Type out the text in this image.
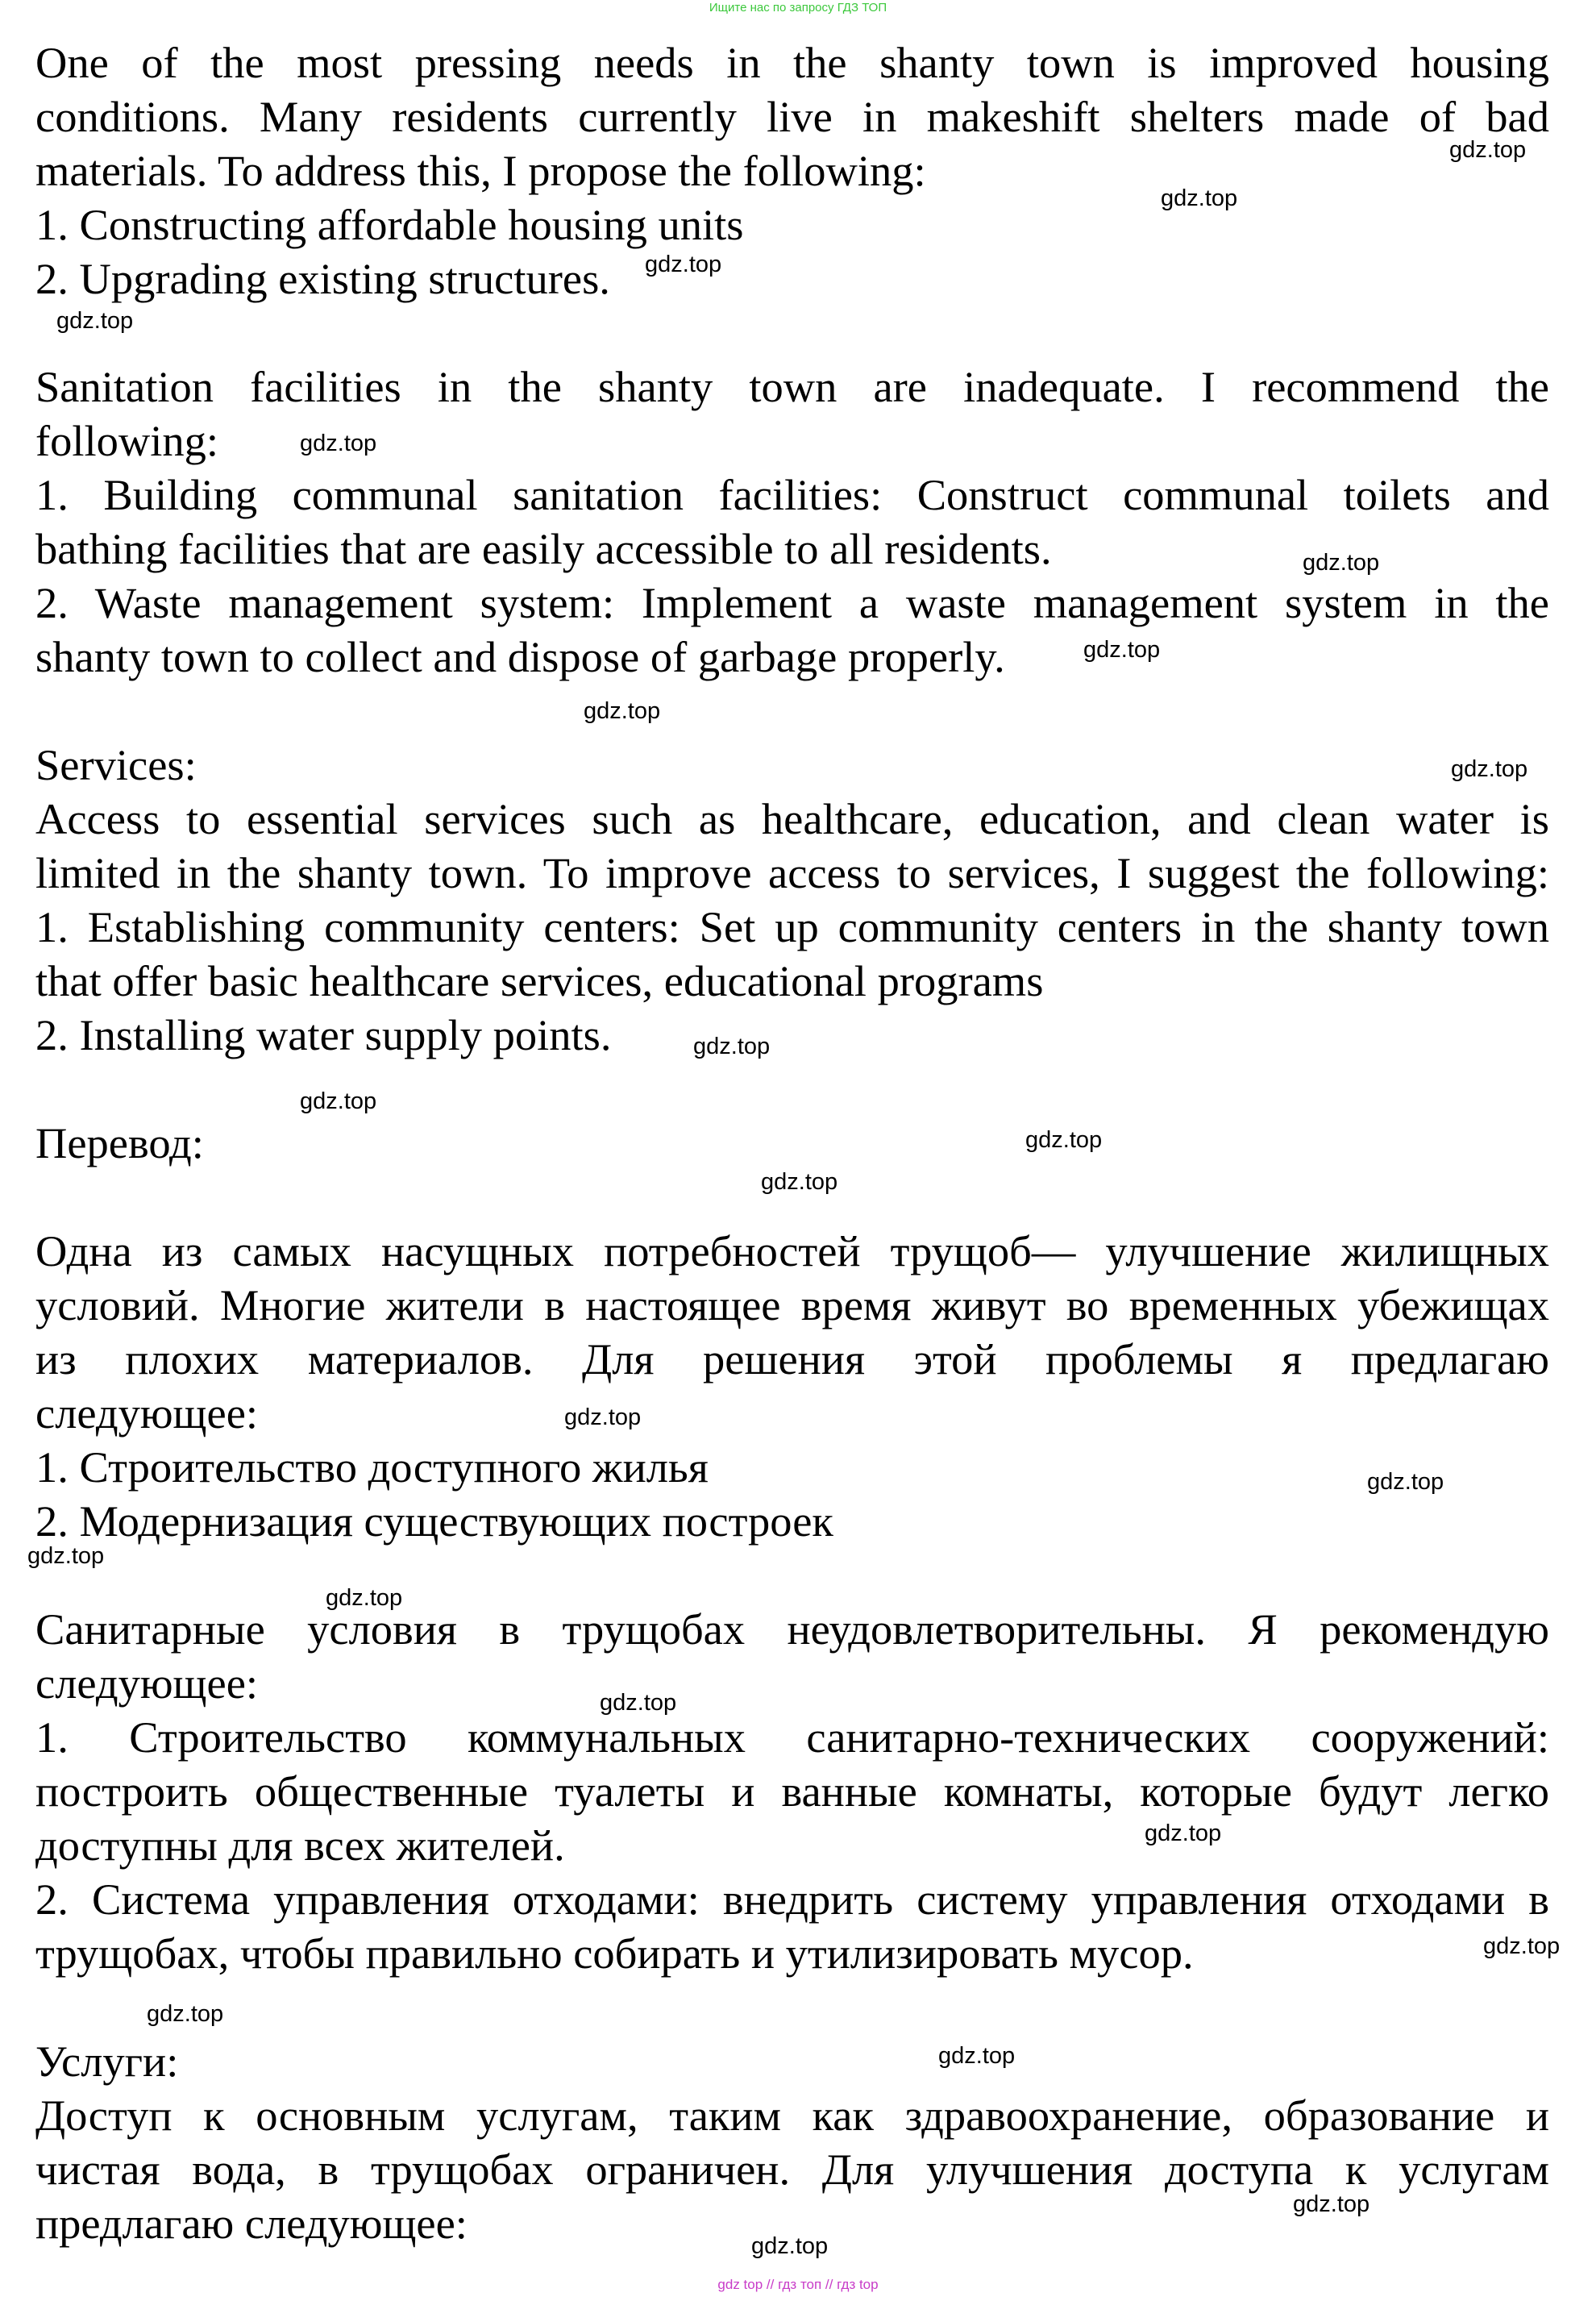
Ищите нас по запросу ГДЗ ТОП

One of the most pressing needs in the shanty town is improved housing

conditions. Many residents currently live in makeshift shelters made of bad

materials. To address this, I propose the following:

1. Constructing affordable housing units

2. Upgrading existing structures.

Sanitation facilities in the shanty town are inadequate. I recommend the

following:

1. Building communal sanitation facilities: Construct communal toilets and

bathing facilities that are easily accessible to all residents.

2. Waste management system: Implement a waste management system in the

shanty town to collect and dispose of garbage properly.

Services:

Access to essential services such as healthcare, education, and clean water is

limited in the shanty town. To improve access to services, I suggest the following:

1. Establishing community centers: Set up community centers in the shanty town

that offer basic healthcare services, educational programs

2. Installing water supply points.

Перевод:

Одна из самых насущных потребностей трущоб— улучшение жилищных

условий. Многие жители в настоящее время живут во временных убежищах

из плохих материалов. Для решения этой проблемы я предлагаю

следующее:

1. Строительство доступного жилья

2. Модернизация существующих построек

Санитарные условия в трущобах неудовлетворительны. Я рекомендую

следующее:

1. Строительство коммунальных санитарно-технических сооружений:

построить общественные туалеты и ванные комнаты, которые будут легко

доступны для всех жителей.

2. Система управления отходами: внедрить систему управления отходами в

трущобах, чтобы правильно собирать и утилизировать мусор.

Услуги:

Доступ к основным услугам, таким как здравоохранение, образование и

чистая вода, в трущобах ограничен. Для улучшения доступа к услугам

предлагаю следующее:

gdz.top
gdz.top
gdz.top
gdz.top
gdz.top
gdz.top
gdz.top
gdz.top
gdz.top
gdz.top
gdz.top
gdz.top
gdz.top
gdz.top
gdz.top
gdz.top
gdz.top
gdz.top
gdz.top
gdz.top
gdz.top
gdz.top
gdz.top
gdz.top
gdz top // гдз топ // гдз top
